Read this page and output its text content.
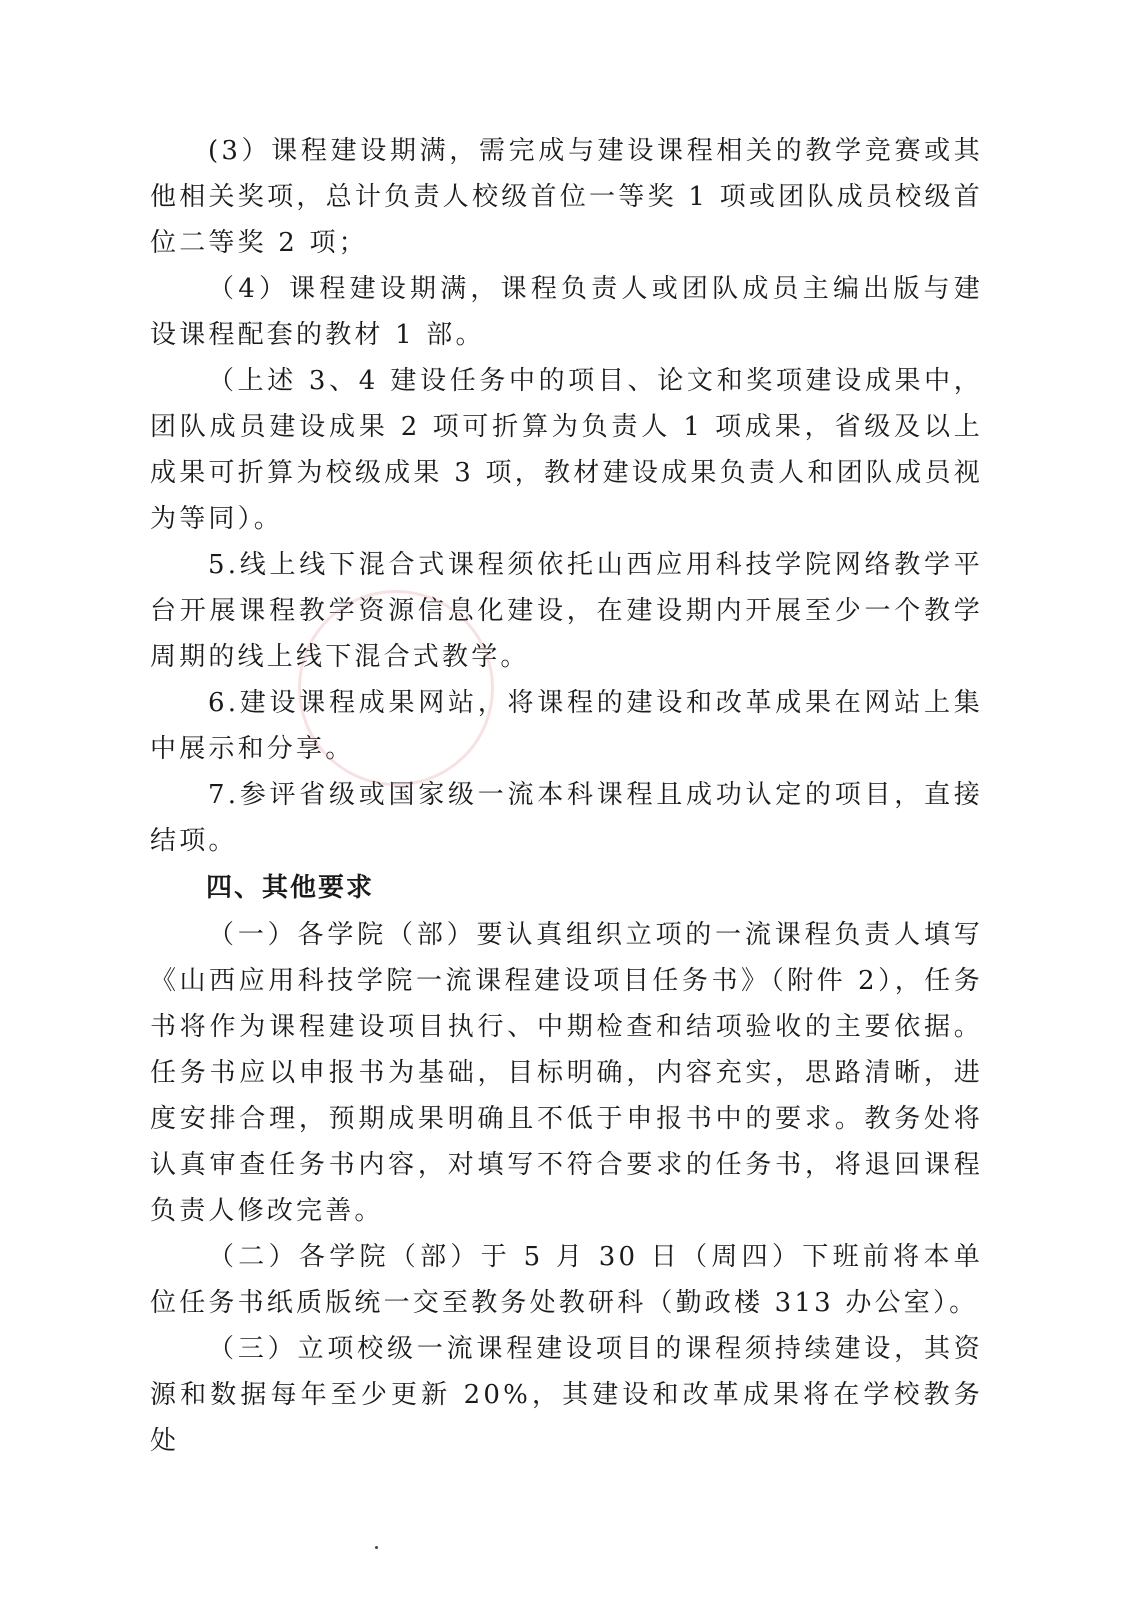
(3）课程建设期满，需完成与建设课程相关的教学竞赛或其他相关奖项，总计负责人校级首位一等奖 1 项或团队成员校级首位二等奖 2 项；

（4）课程建设期满，课程负责人或团队成员主编出版与建设课程配套的教材 1 部。

（上述 3、4 建设任务中的项目、论文和奖项建设成果中，团队成员建设成果 2 项可折算为负责人 1 项成果，省级及以上成果可折算为校级成果 3 项，教材建设成果负责人和团队成员视为等同）。

5.线上线下混合式课程须依托山西应用科技学院网络教学平台开展课程教学资源信息化建设，在建设期内开展至少一个教学周期的线上线下混合式教学。

6.建设课程成果网站，将课程的建设和改革成果在网站上集中展示和分享。

7.参评省级或国家级一流本科课程且成功认定的项目，直接结项。

四、其他要求

（一）各学院（部）要认真组织立项的一流课程负责人填写《山西应用科技学院一流课程建设项目任务书》（附件 2），任务书将作为课程建设项目执行、中期检查和结项验收的主要依据。任务书应以申报书为基础，目标明确，内容充实，思路清晰，进度安排合理，预期成果明确且不低于申报书中的要求。教务处将认真审查任务书内容，对填写不符合要求的任务书，将退回课程负责人修改完善。

（二）各学院（部）于 5 月 30 日（周四）下班前将本单位任务书纸质版统一交至教务处教研科（勤政楼 313 办公室）。

（三）立项校级一流课程建设项目的课程须持续建设，其资源和数据每年至少更新 20%，其建设和改革成果将在学校教务处
